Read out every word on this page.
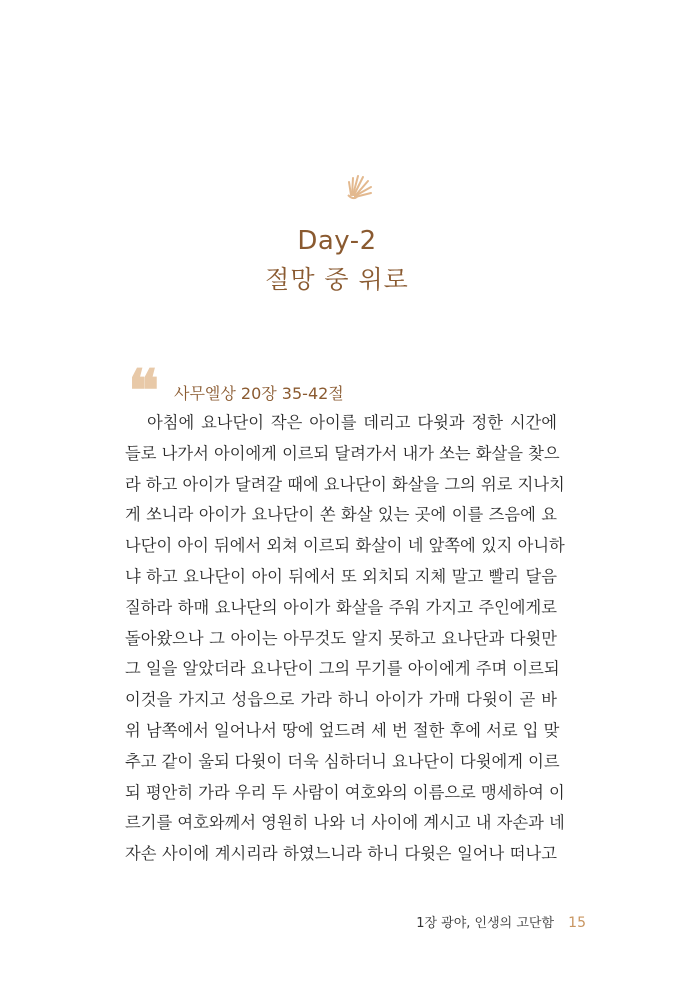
Day-2
절망 중 위로
❝ 사무엘상 20장 35-42절
아침에 요나단이 작은 아이를 데리고 다윗과 정한 시간에
들로 나가서 아이에게 이르되 달려가서 내가 쏘는 화살을 찾으
라 하고 아이가 달려갈 때에 요나단이 화살을 그의 위로 지나치
게 쏘니라 아이가 요나단이 쏜 화살 있는 곳에 이를 즈음에 요
나단이 아이 뒤에서 외쳐 이르되 화살이 네 앞쪽에 있지 아니하
냐 하고 요나단이 아이 뒤에서 또 외치되 지체 말고 빨리 달음
질하라 하매 요나단의 아이가 화살을 주워 가지고 주인에게로
돌아왔으나 그 아이는 아무것도 알지 못하고 요나단과 다윗만
그 일을 알았더라 요나단이 그의 무기를 아이에게 주며 이르되
이것을 가지고 성읍으로 가라 하니 아이가 가매 다윗이 곧 바
위 남쪽에서 일어나서 땅에 엎드려 세 번 절한 후에 서로 입 맞
추고 같이 울되 다윗이 더욱 심하더니 요나단이 다윗에게 이르
되 평안히 가라 우리 두 사람이 여호와의 이름으로 맹세하여 이
르기를 여호와께서 영원히 나와 너 사이에 계시고 내 자손과 네
자손 사이에 계시리라 하였느니라 하니 다윗은 일어나 떠나고
1장 광야, 인생의 고단함 15
